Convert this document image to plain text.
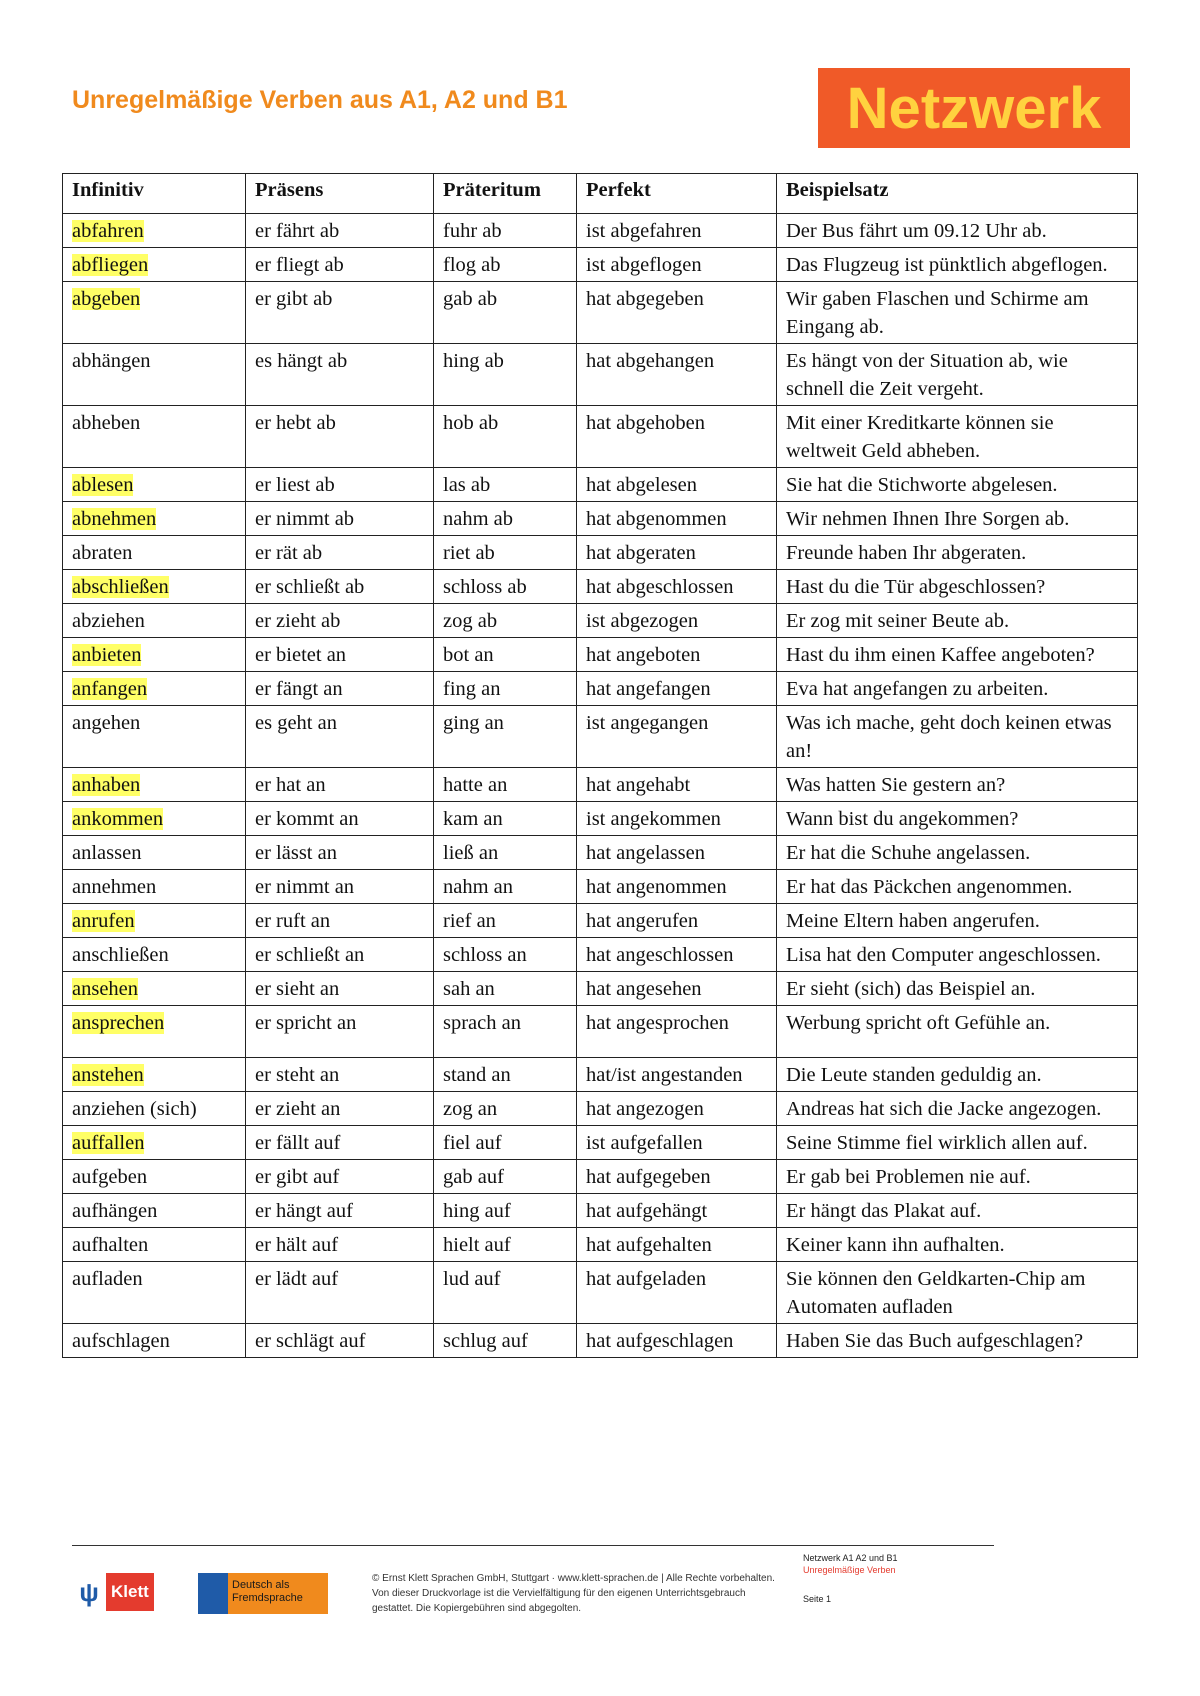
Unregelmäßige Verben aus A1, A2 und B1	Netzwerk
Infinitiv	Präsens	Präteritum	Perfekt	Beispielsatz
abfahren	er fährt ab	fuhr ab	ist abgefahren	Der Bus fährt um 09.12 Uhr ab.
abfliegen	er fliegt ab	flog ab	ist abgeflogen	Das Flugzeug ist pünktlich abgeflogen.
abgeben	er gibt ab	gab ab	hat abgegeben	Wir gaben Flaschen und Schirme am Eingang ab.
abhängen	es hängt ab	hing ab	hat abgehangen	Es hängt von der Situation ab, wie schnell die Zeit vergeht.
abheben	er hebt ab	hob ab	hat abgehoben	Mit einer Kreditkarte können sie weltweit Geld abheben.
ablesen	er liest ab	las ab	hat abgelesen	Sie hat die Stichworte abgelesen.
abnehmen	er nimmt ab	nahm ab	hat abgenommen	Wir nehmen Ihnen Ihre Sorgen ab.
abraten	er rät ab	riet ab	hat abgeraten	Freunde haben Ihr abgeraten.
abschließen	er schließt ab	schloss ab	hat abgeschlossen	Hast du die Tür abgeschlossen?
abziehen	er zieht ab	zog ab	ist abgezogen	Er zog mit seiner Beute ab.
anbieten	er bietet an	bot an	hat angeboten	Hast du ihm einen Kaffee angeboten?
anfangen	er fängt an	fing an	hat angefangen	Eva hat angefangen zu arbeiten.
angehen	es geht an	ging an	ist angegangen	Was ich mache, geht doch keinen etwas an!
anhaben	er hat an	hatte an	hat angehabt	Was hatten Sie gestern an?
ankommen	er kommt an	kam an	ist angekommen	Wann bist du angekommen?
anlassen	er lässt an	ließ an	hat angelassen	Er hat die Schuhe angelassen.
annehmen	er nimmt an	nahm an	hat angenommen	Er hat das Päckchen angenommen.
anrufen	er ruft an	rief an	hat angerufen	Meine Eltern haben angerufen.
anschließen	er schließt an	schloss an	hat angeschlossen	Lisa hat den Computer angeschlossen.
ansehen	er sieht an	sah an	hat angesehen	Er sieht (sich) das Beispiel an.
ansprechen	er spricht an	sprach an	hat angesprochen	Werbung spricht oft Gefühle an.
anstehen	er steht an	stand an	hat/ist angestanden	Die Leute standen geduldig an.
anziehen (sich)	er zieht an	zog an	hat angezogen	Andreas hat sich die Jacke angezogen.
auffallen	er fällt auf	fiel auf	ist aufgefallen	Seine Stimme fiel wirklich allen auf.
aufgeben	er gibt auf	gab auf	hat aufgegeben	Er gab bei Problemen nie auf.
aufhängen	er hängt auf	hing auf	hat aufgehängt	Er hängt das Plakat auf.
aufhalten	er hält auf	hielt auf	hat aufgehalten	Keiner kann ihn aufhalten.
aufladen	er lädt auf	lud auf	hat aufgeladen	Sie können den Geldkarten-Chip am Automaten aufladen
aufschlagen	er schlägt auf	schlug auf	hat aufgeschlagen	Haben Sie das Buch aufgeschlagen?
ψ Klett	Deutsch als Fremdsprache
© Ernst Klett Sprachen GmbH, Stuttgart · www.klett-sprachen.de | Alle Rechte vorbehalten. Von dieser Druckvorlage ist die Vervielfältigung für den eigenen Unterrichtsgebrauch gestattet. Die Kopiergebühren sind abgegolten.
Netzwerk A1 A2 und B1
Unregelmäßige Verben
Seite 1
